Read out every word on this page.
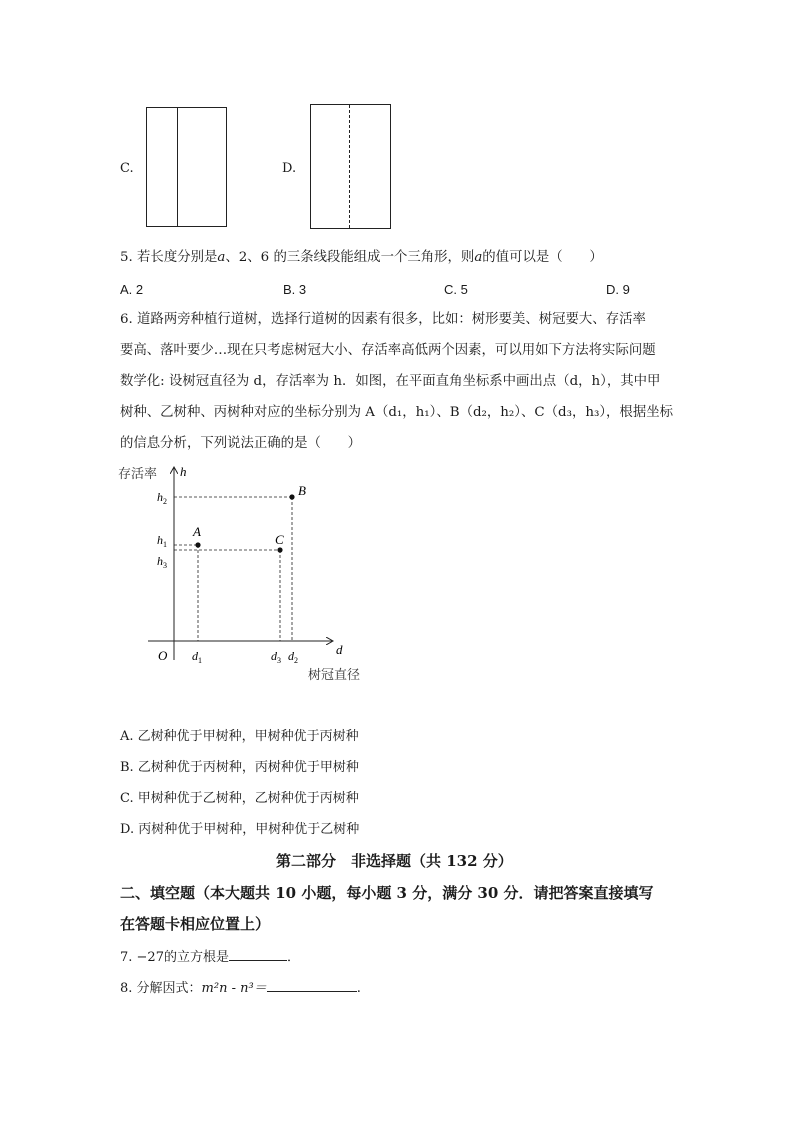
C.	D.
5. 若长度分别是a、2、6 的三条线段能组成一个三角形，则a的值可以是（　　）
A. 2	B. 3	C. 5	D. 9
6. 道路两旁种植行道树，选择行道树的因素有很多，比如：树形要美、树冠要大、存活率
要高、落叶要少…现在只考虑树冠大小、存活率高低两个因素，可以用如下方法将实际问题
数学化: 设树冠直径为 d，存活率为 h．如图，在平面直角坐标系中画出点（d，h），其中甲
树种、乙树种、丙树种对应的坐标分别为 A（d₁，h₁）、B（d₂，h₂）、C（d₃，h₃），根据坐标
的信息分析，下列说法正确的是（　　）
存活率 h
d
树冠直径
O
$h_2$
$h_1$
$h_3$
$d_1$	$d_3$ $d_2$
B
A
C
A. 乙树种优于甲树种，甲树种优于丙树种
B. 乙树种优于丙树种，丙树种优于甲树种
C. 甲树种优于乙树种，乙树种优于丙树种
D. 丙树种优于甲树种，甲树种优于乙树种
第二部分　非选择题（共 132 分）
二、填空题（本大题共 10 小题，每小题 3 分，满分 30 分．请把答案直接填写
在答题卡相应位置上）
7. −27的立方根是	．
8. 分解因式：m²n - n³＝	.
